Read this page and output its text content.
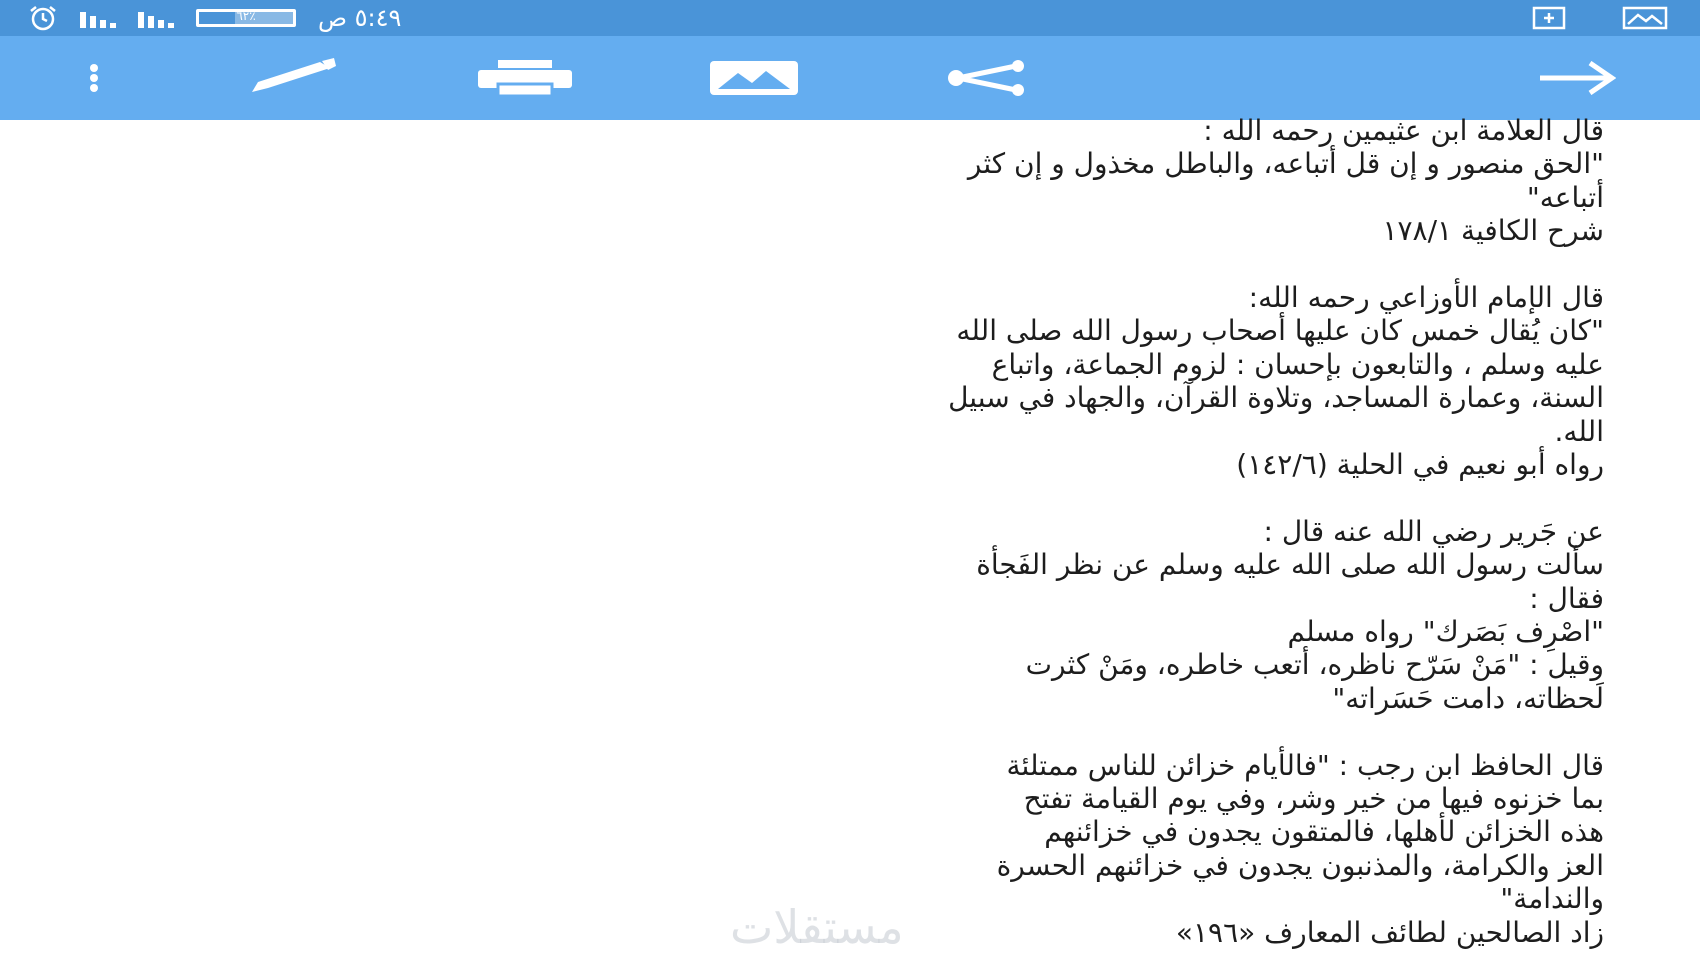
٥:٤٩ ص
٪٦٢

قال العلامة ابن عثيمين رحمه الله :

"الحق منصور و إن قل أتباعه، والباطل مخذول و إن كثر

أتباعه"

شرح الكافية ١٧٨/١

قال الإمام الأوزاعي رحمه الله:

"كان يُقال خمس كان عليها أصحاب رسول الله صلى الله

عليه وسلم ، والتابعون بإحسان : لزوم الجماعة، واتباع

السنة، وعمارة المساجد، وتلاوة القرآن، والجهاد في سبيل

الله.

رواه أبو نعيم في الحلية (١٤٢/٦)

عن جَرير رضي الله عنه قال :

سألت رسول الله صلى الله عليه وسلم عن نظر الفَجأة

فقال :

"اصْرِف بَصَرك" رواه مسلم

وقيل : "مَنْ سَرّح ناظره، أتعب خاطره، ومَنْ كثرت

لَحظاته، دامت حَسَراته"

قال الحافظ ابن رجب : "فالأيام خزائن للناس ممتلئة

بما خزنوه فيها من خير وشر، وفي يوم القيامة تفتح

هذه الخزائن لأهلها، فالمتقون يجدون في خزائنهم

العز والكرامة، والمذنبون يجدون في خزائنهم الحسرة

والندامة"

زاد الصالحين لطائف المعارف «١٩٦»

مستقلات
